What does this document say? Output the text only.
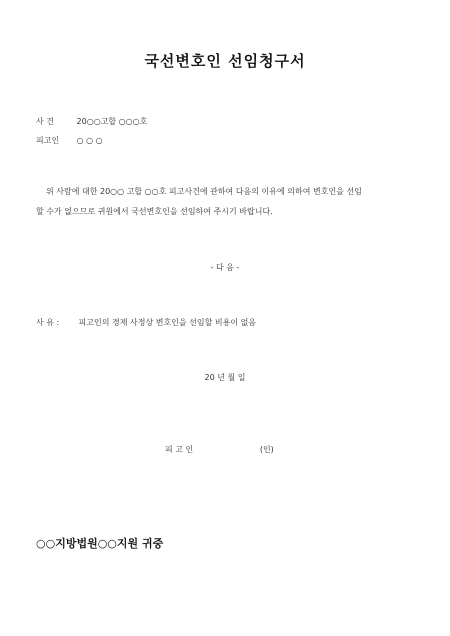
국선변호인 선임청구서
사 건	20○○고합 ○○○호
피고인 ○ ○ ○
위 사람에 대한 20○○ 고합 ○○호 피고사건에 관하여 다음의 이유에 의하여 변호인을 선임
할 수가 없으므로 귀원에서 국선변호인을 선임하여 주시기 바랍니다.
- 다 음 -
사 유 : 피고인의 경제 사정상 변호인을 선임할 비용이 없음
20 년 월 일
피 고 인	(인)
○○지방법원○○지원 귀중
